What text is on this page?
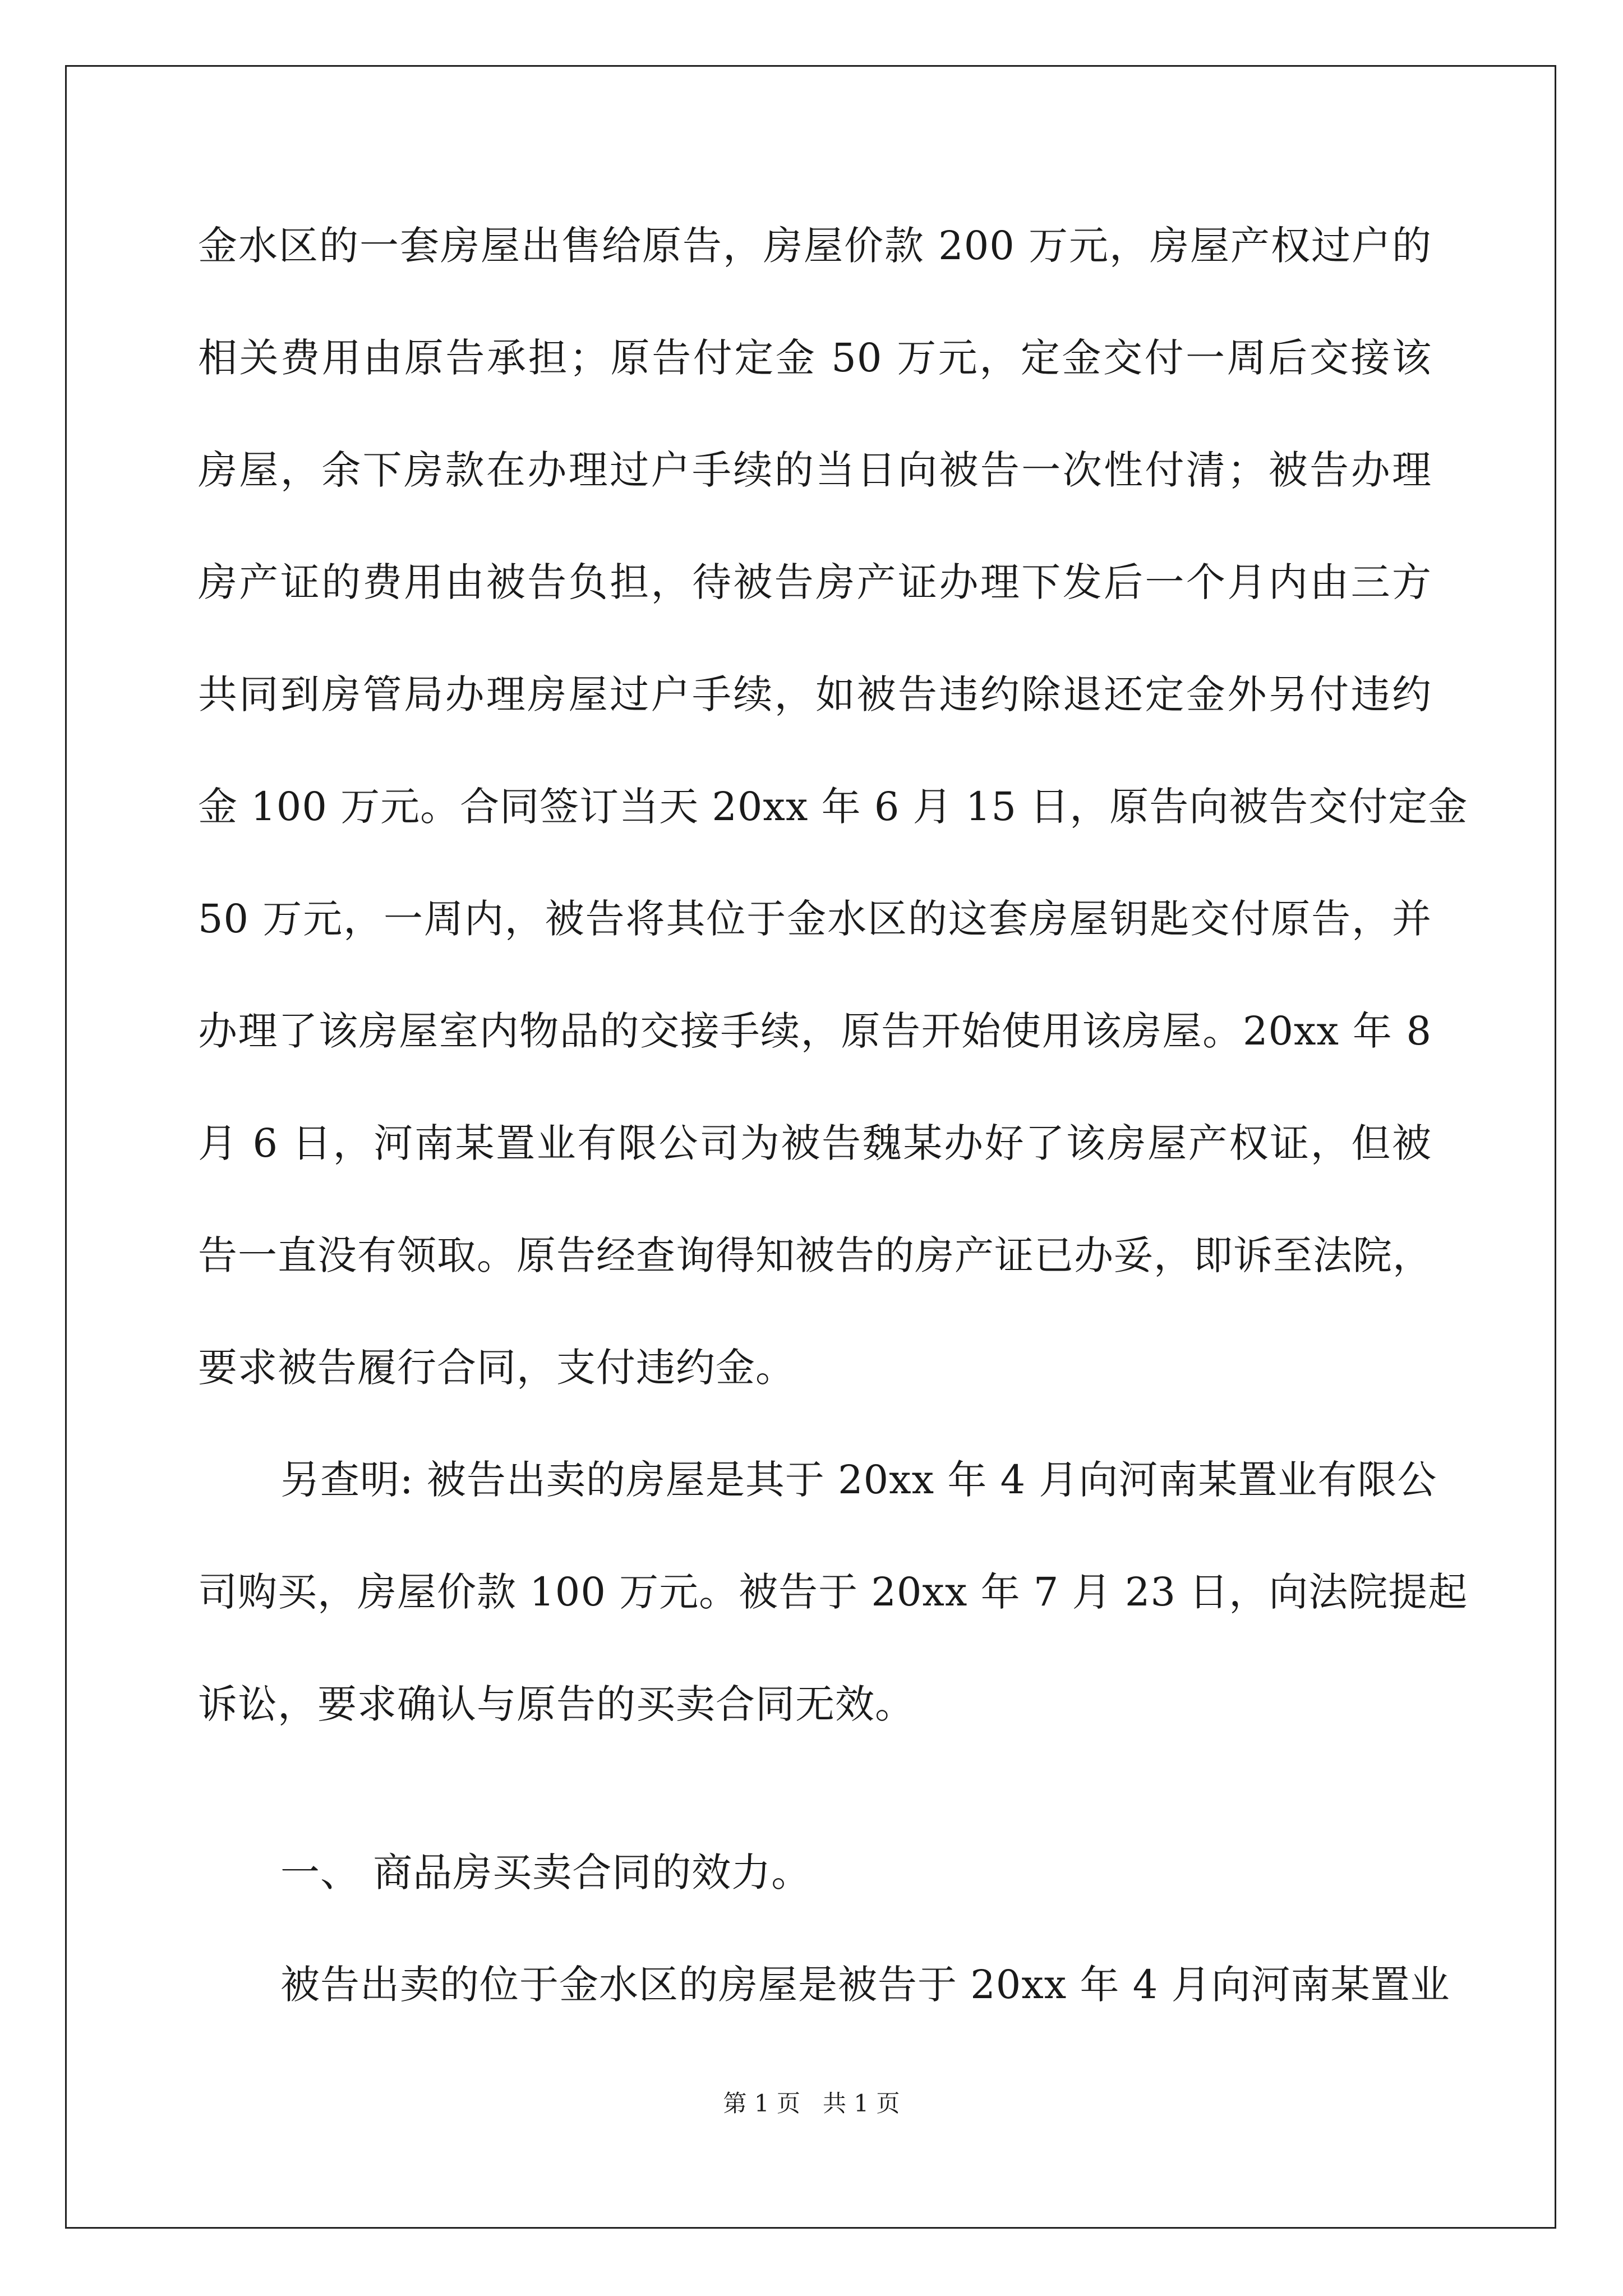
金水区的一套房屋出售给原告，房屋价款 200 万元，房屋产权过户的
相关费用由原告承担；原告付定金 50 万元，定金交付一周后交接该
房屋，余下房款在办理过户手续的当日向被告一次性付清；被告办理
房产证的费用由被告负担，待被告房产证办理下发后一个月内由三方
共同到房管局办理房屋过户手续，如被告违约除退还定金外另付违约
金 100 万元。合同签订当天 20xx 年 6 月 15 日，原告向被告交付定金
50 万元，一周内，被告将其位于金水区的这套房屋钥匙交付原告，并
办理了该房屋室内物品的交接手续，原告开始使用该房屋。20xx 年 8
月 6 日，河南某置业有限公司为被告魏某办好了该房屋产权证，但被
告一直没有领取。原告经查询得知被告的房产证已办妥，即诉至法院，
要求被告履行合同，支付违约金。
另查明: 被告出卖的房屋是其于 20xx 年 4 月向河南某置业有限公
司购买，房屋价款 100 万元。被告于 20xx 年 7 月 23 日，向法院提起
诉讼，要求确认与原告的买卖合同无效。
一、 商品房买卖合同的效力。
被告出卖的位于金水区的房屋是被告于 20xx 年 4 月向河南某置业
第 1 页   共 1 页
